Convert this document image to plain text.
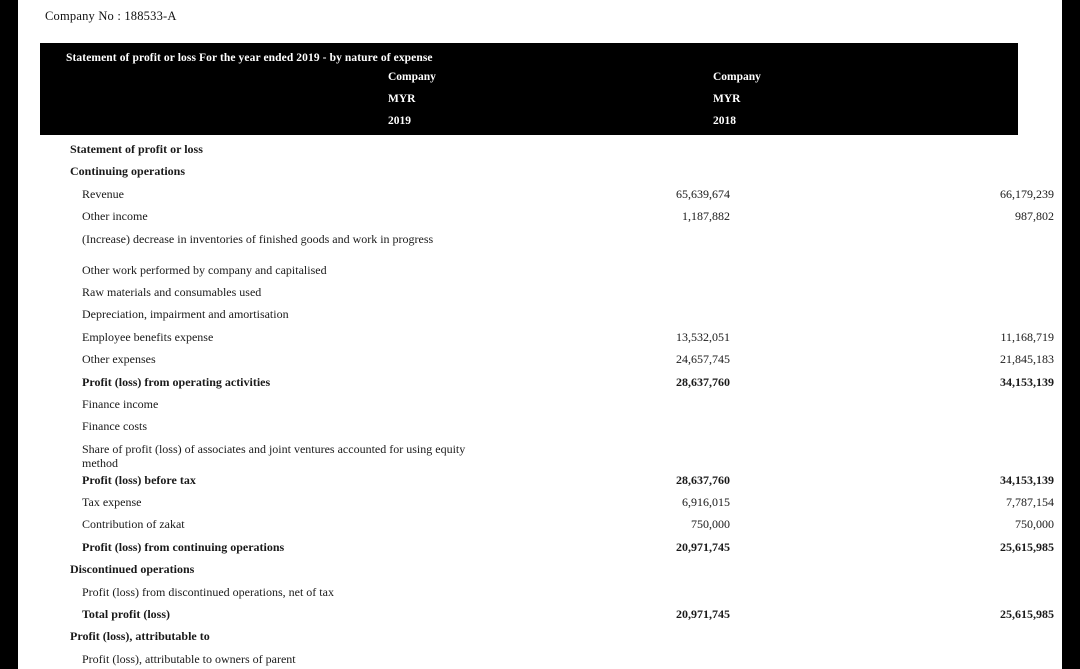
Company No : 188533-A
Statement of profit or loss For the year ended 2019 - by nature of expense
Company
MYR
2019
Company
MYR
2018
Statement of profit or loss
Continuing operations
Revenue	65,639,674	66,179,239
Other income	1,187,882	987,802
(Increase) decrease in inventories of finished goods and work in progress
Other work performed by company and capitalised
Raw materials and consumables used
Depreciation, impairment and amortisation
Employee benefits expense	13,532,051	11,168,719
Other expenses	24,657,745	21,845,183
Profit (loss) from operating activities	28,637,760	34,153,139
Finance income
Finance costs
Share of profit (loss) of associates and joint ventures accounted for using equity method
Profit (loss) before tax	28,637,760	34,153,139
Tax expense	6,916,015	7,787,154
Contribution of zakat	750,000	750,000
Profit (loss) from continuing operations	20,971,745	25,615,985
Discontinued operations
Profit (loss) from discontinued operations, net of tax
Total profit (loss)	20,971,745	25,615,985
Profit (loss), attributable to
Profit (loss), attributable to owners of parent
